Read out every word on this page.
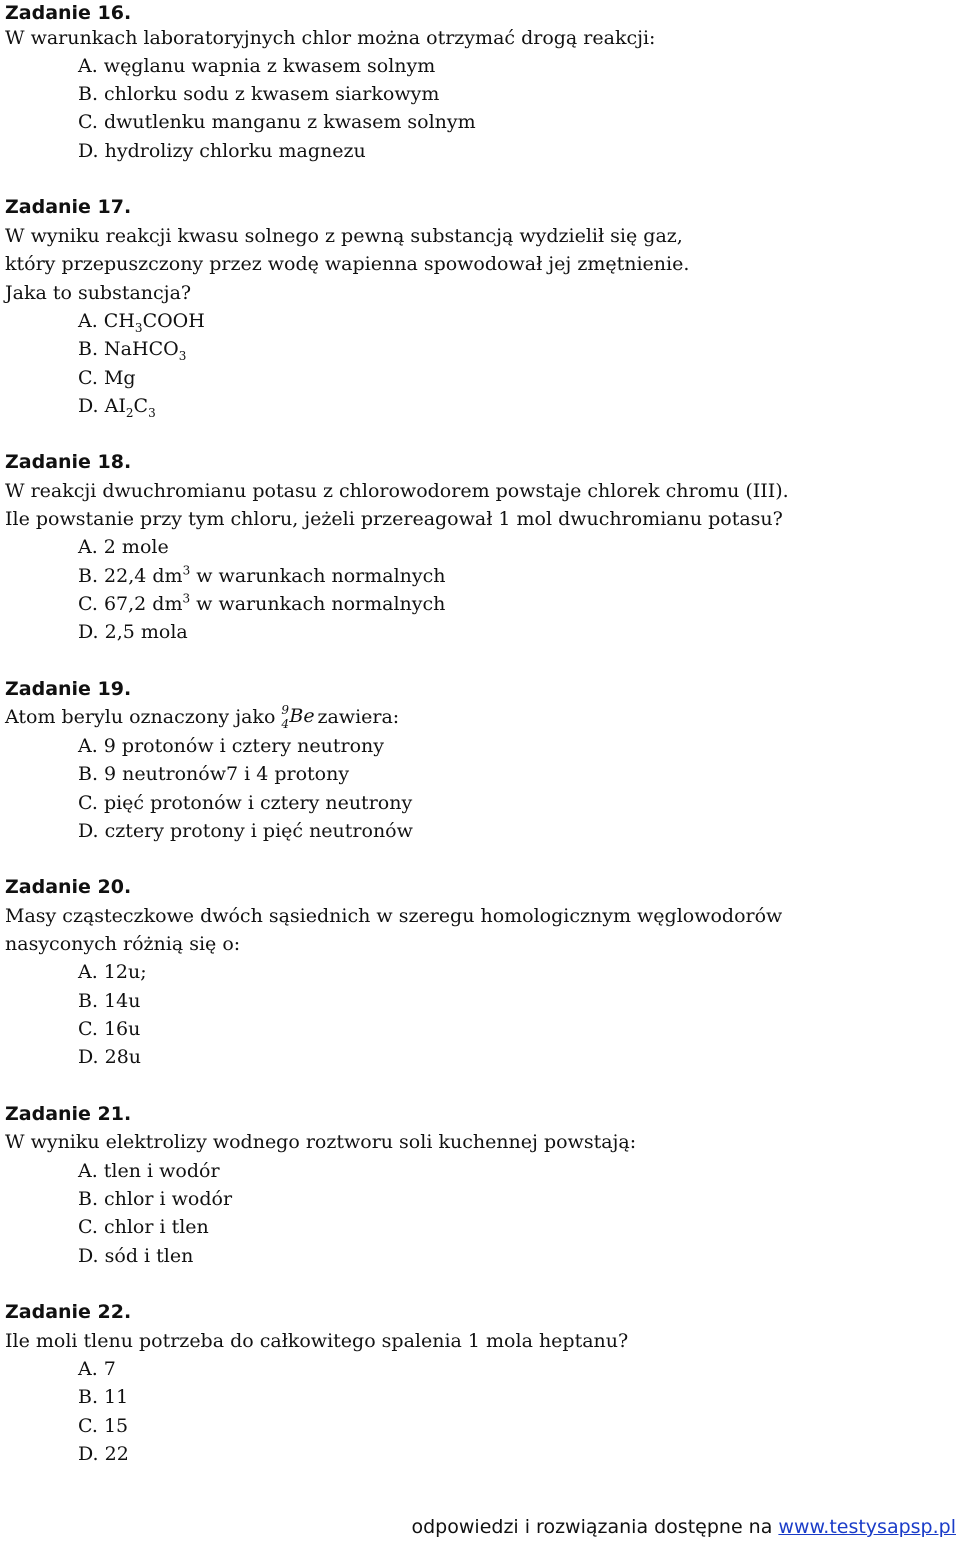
Zadanie 16.
W warunkach laboratoryjnych chlor można otrzymać drogą reakcji:
A. węglanu wapnia z kwasem solnym
B. chlorku sodu z kwasem siarkowym
C. dwutlenku manganu z kwasem solnym
D. hydrolizy chlorku magnezu
Zadanie 17.
W wyniku reakcji kwasu solnego z pewną substancją wydzielił się gaz,
który przepuszczony przez wodę wapienna spowodował jej zmętnienie.
Jaka to substancja?
A. $CH_3COOH$
B. NaHCO$_3$
C. Mg
D. $AI_2C_3$
Zadanie 18.
W reakcji dwuchromianu potasu z chlorowodorem powstaje chlorek chromu (III).
Ile powstanie przy tym chloru, jeżeli przereagował 1 mol dwuchromianu potasu?
A. 2 mole
B. 22,4 $dm^3$ w warunkach normalnych
C. 67,2 $dm^3$ w warunkach normalnych
D. 2,5 mola
Zadanie 19.
Atom berylu oznaczony jako 9
4 Be
zawiera:
A. 9 protonów i cztery neutrony
B. 9 neutronów7 i 4 protony
C. pięć protonów i cztery neutrony
D. cztery protony i pięć neutronów
Zadanie 20.
Masy cząsteczkowe dwóch sąsiednich w szeregu homologicznym węglowodorów
nasyconych różnią się o:
A. 12u;
B. 14u
C. 16u
D. 28u
Zadanie 21.
W wyniku elektrolizy wodnego roztworu soli kuchennej powstają:
A. tlen i wodór
B. chlor i wodór
C. chlor i tlen
D. sód i tlen
Zadanie 22.
Ile moli tlenu potrzeba do całkowitego spalenia 1 mola heptanu?
A. 7
B. 11
C. 15
D. 22
odpowiedzi i rozwiązania dostępne na www.testysapsp.pl
